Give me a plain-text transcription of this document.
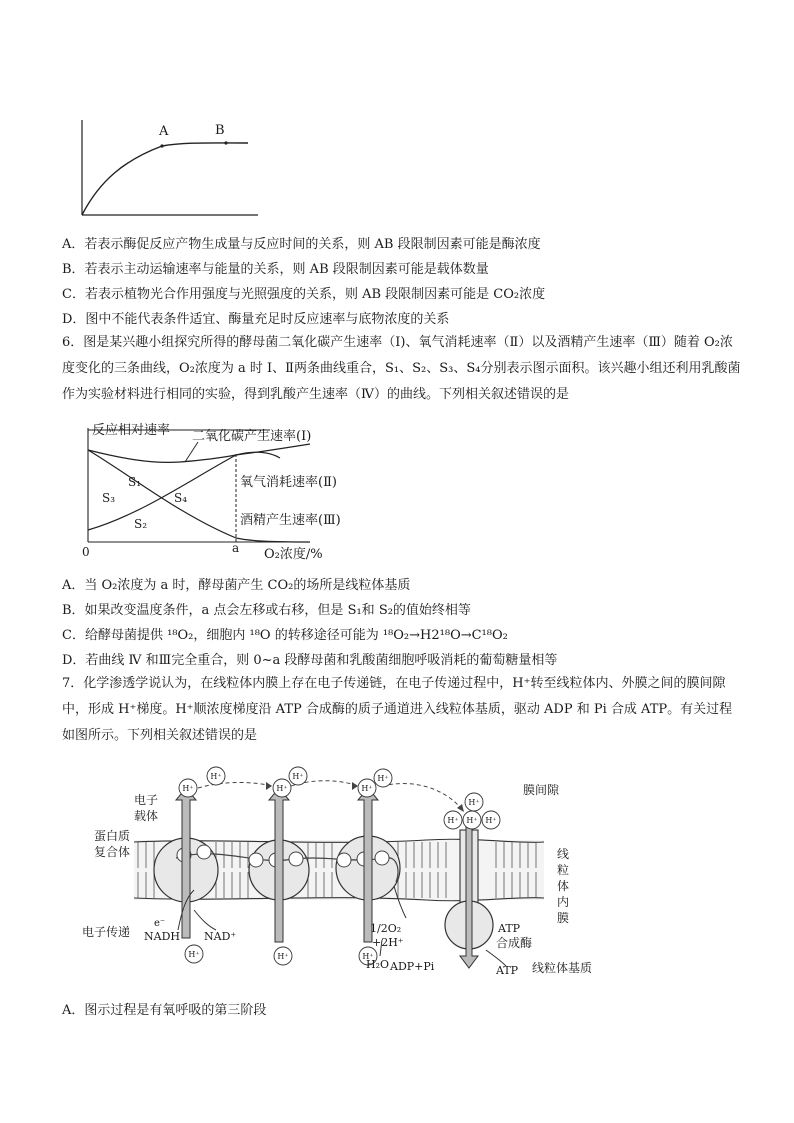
A	B
A．若表示酶促反应产物生成量与反应时间的关系，则 AB 段限制因素可能是酶浓度
B．若表示主动运输速率与能量的关系，则 AB 段限制因素可能是载体数量
C．若表示植物光合作用强度与光照强度的关系，则 AB 段限制因素可能是 CO₂浓度
D．图中不能代表条件适宜、酶量充足时反应速率与底物浓度的关系
6．图是某兴趣小组探究所得的酵母菌二氧化碳产生速率（Ⅰ)、氧气消耗速率（Ⅱ）以及酒精产生速率（Ⅲ）随着 O₂浓度变化的三条曲线，O₂浓度为 a 时 Ⅰ、Ⅱ两条曲线重合，S₁、S₂、S₃、S₄分别表示图示面积。该兴趣小组还利用乳酸菌作为实验材料进行相同的实验，得到乳酸产生速率（Ⅳ）的曲线。下列相关叙述错误的是
反应相对速率 二氧化碳产生速率(Ⅰ)
氧气消耗速率(Ⅱ)
酒精产生速率(Ⅲ)
S₁
S₂
S₃	S₄
0	a O₂浓度/%
A．当 O₂浓度为 a 时，酵母菌产生 CO₂的场所是线粒体基质
B．如果改变温度条件，a 点会左移或右移，但是 S₁和 S₂的值始终相等
C．给酵母菌提供 ¹⁸O₂，细胞内 ¹⁸O 的转移途径可能为 ¹⁸O₂→H2¹⁸O→C¹⁸O₂
D．若曲线 Ⅳ 和Ⅲ完全重合，则 0~a 段酵母菌和乳酸菌细胞呼吸消耗的葡萄糖量相等
7．化学渗透学说认为，在线粒体内膜上存在电子传递链，在电子传递过程中，H⁺转至线粒体内、外膜之间的膜间隙中，形成 H⁺梯度。H⁺顺浓度梯度沿 ATP 合成酶的质子通道进入线粒体基质，驱动 ADP 和 Pi 合成 ATP。有关过程如图所示。下列相关叙述错误的是
H⁺
H⁺
H⁺
H⁺
H⁺
H⁺
H⁺ H⁺ H⁺
H⁺
H⁺	H⁺	H⁺
膜间隙
电子
载体
蛋白质
复合体	线
粒
体
内
膜
电子传递
e⁻
NADH NAD⁺
1/2O₂
+2H⁺
H₂O ADP+Pi	ATP
ATP
合成酶
线粒体基质
A．图示过程是有氧呼吸的第三阶段
